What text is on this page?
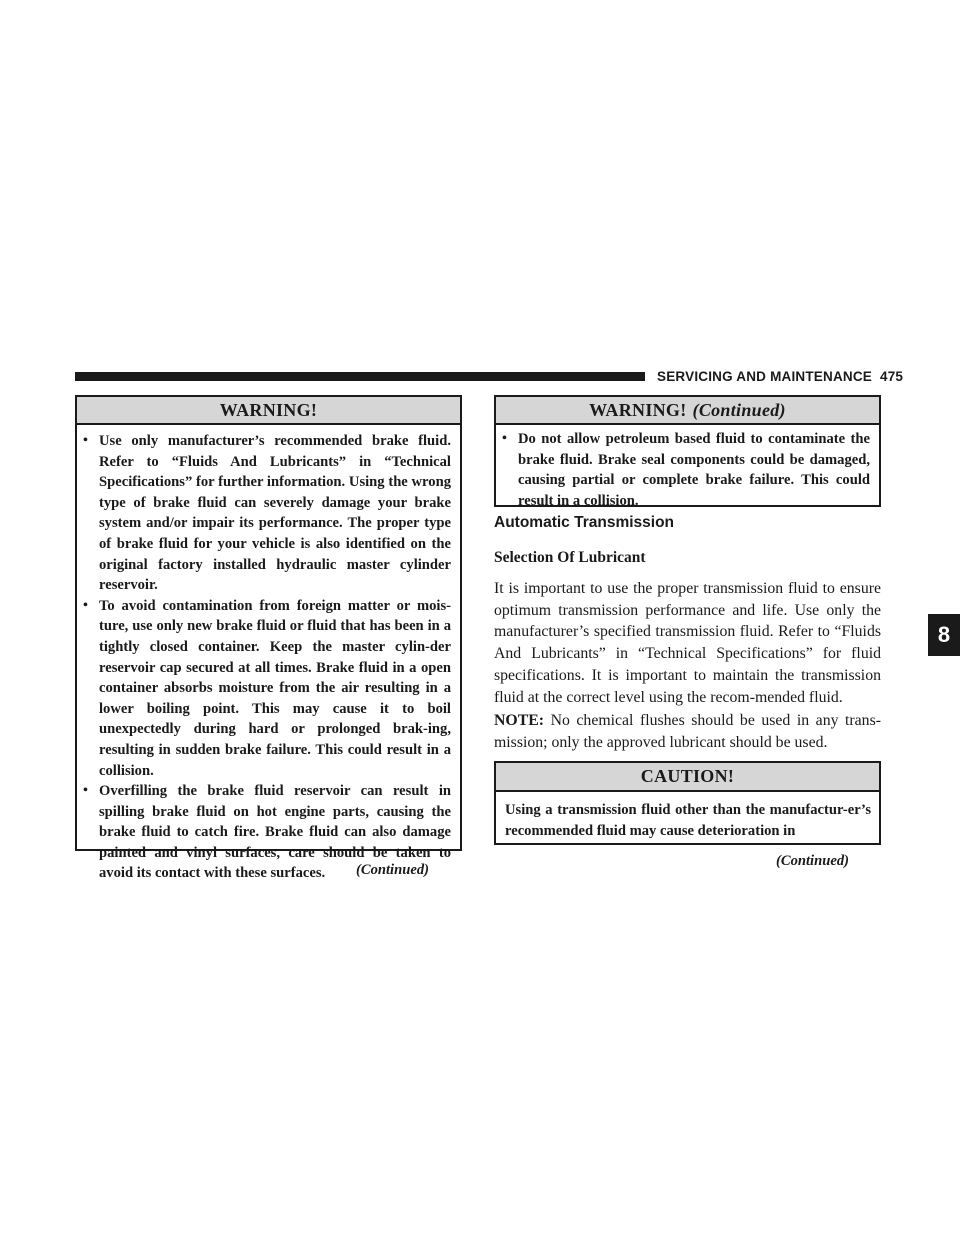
SERVICING AND MAINTENANCE 475
WARNING!
• Use only manufacturer’s recommended brake fluid. Refer to “Fluids And Lubricants” in “Technical Specifications” for further information. Using the wrong type of brake fluid can severely damage your brake system and/or impair its performance. The proper type of brake fluid for your vehicle is also identified on the original factory installed hydraulic master cylinder reservoir.
• To avoid contamination from foreign matter or mois-ture, use only new brake fluid or fluid that has been in a tightly closed container. Keep the master cylin-der reservoir cap secured at all times. Brake fluid in a open container absorbs moisture from the air resulting in a lower boiling point. This may cause it to boil unexpectedly during hard or prolonged brak-ing, resulting in sudden brake failure. This could result in a collision.
• Overfilling the brake fluid reservoir can result in spilling brake fluid on hot engine parts, causing the brake fluid to catch fire. Brake fluid can also damage painted and vinyl surfaces, care should be taken to avoid its contact with these surfaces.	(Continued)
WARNING! (Continued)
• Do not allow petroleum based fluid to contaminate the brake fluid. Brake seal components could be damaged, causing partial or complete brake failure. This could result in a collision.
Automatic Transmission
Selection Of Lubricant
It is important to use the proper transmission fluid to ensure optimum transmission performance and life. Use only the manufacturer’s specified transmission fluid. Refer to “Fluids And Lubricants” in “Technical Specifications” for fluid specifications. It is important to maintain the transmission fluid at the correct level using the recom-mended fluid.
NOTE: No chemical flushes should be used in any trans-mission; only the approved lubricant should be used.
CAUTION!
Using a transmission fluid other than the manufactur-er’s recommended fluid may cause deterioration in
(Continued)
8
